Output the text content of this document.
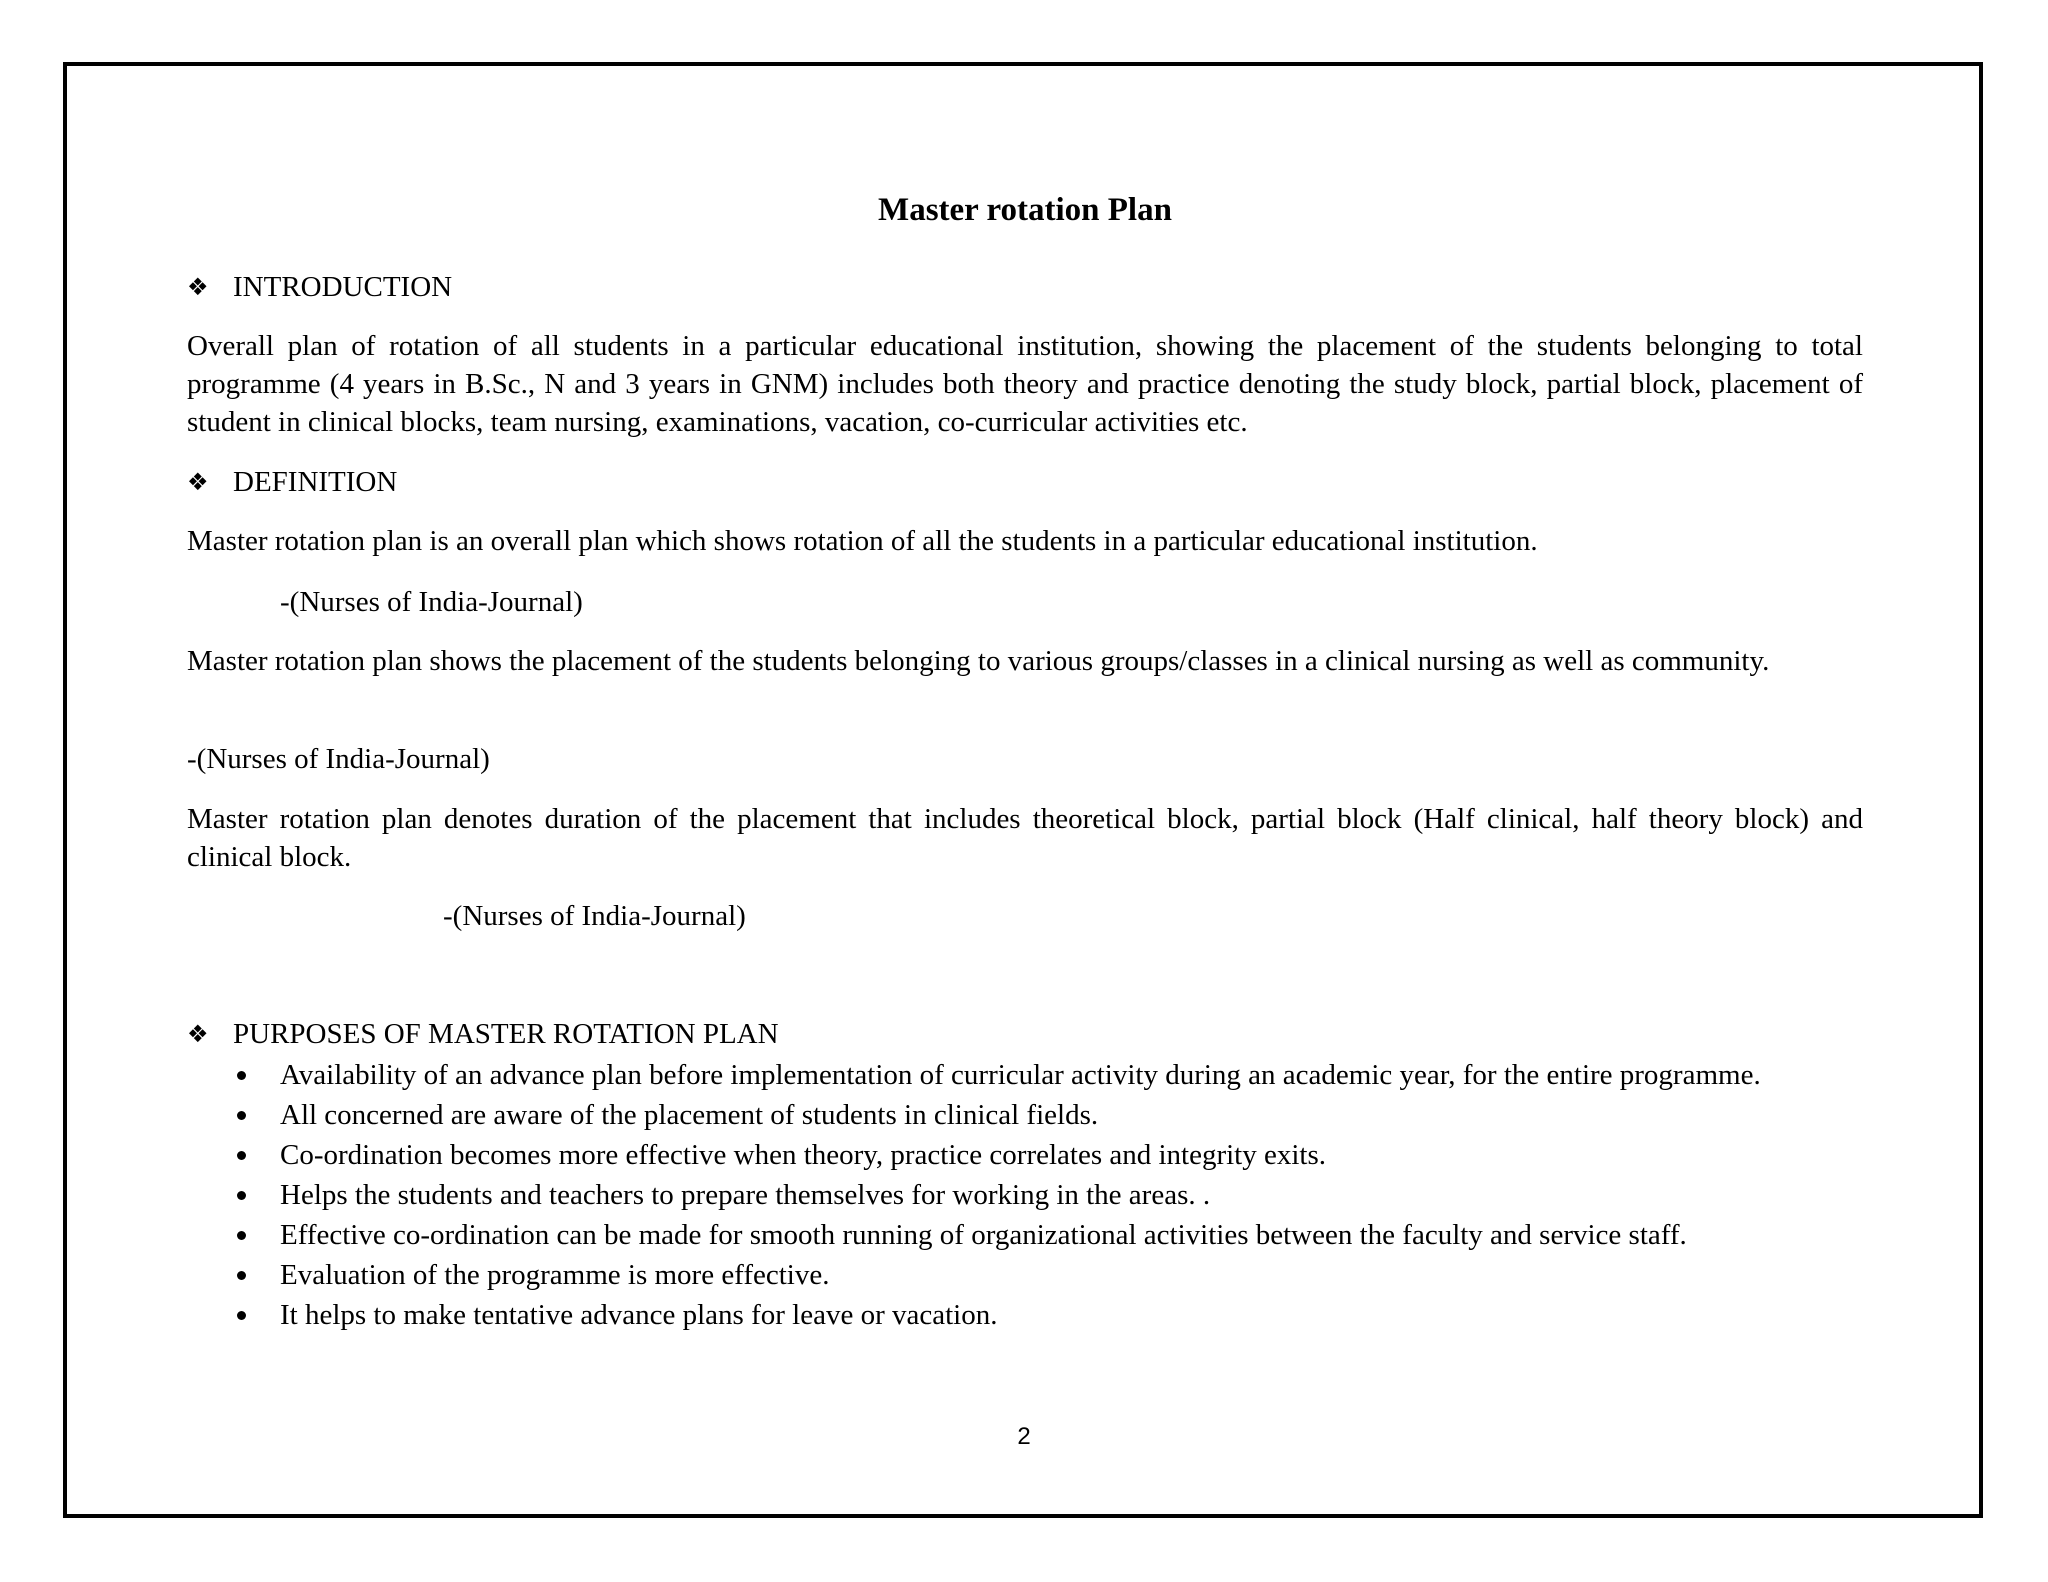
Master rotation Plan
❖ INTRODUCTION

Overall plan of rotation of all students in a particular educational institution, showing the placement of the students belonging to total programme (4 years in B.Sc., N and 3 years in GNM) includes both theory and practice denoting the study block, partial block, placement of student in clinical blocks, team nursing, examinations, vacation, co-curricular activities etc.

❖ DEFINITION

Master rotation plan is an overall plan which shows rotation of all the students in a particular educational institution.

-(Nurses of India-Journal)

Master rotation plan shows the placement of the students belonging to various groups/classes in a clinical nursing as well as community.

-(Nurses of India-Journal)

Master rotation plan denotes duration of the placement that includes theoretical block, partial block (Half clinical, half theory block) and clinical block.

-(Nurses of India-Journal)

❖ PURPOSES OF MASTER ROTATION PLAN
Availability of an advance plan before implementation of curricular activity during an academic year, for the entire programme.
All concerned are aware of the placement of students in clinical fields.
Co-ordination becomes more effective when theory, practice correlates and integrity exits.
Helps the students and teachers to prepare themselves for working in the areas. .
Effective co-ordination can be made for smooth running of organizational activities between the faculty and service staff.
Evaluation of the programme is more effective.
It helps to make tentative advance plans for leave or vacation.
2
